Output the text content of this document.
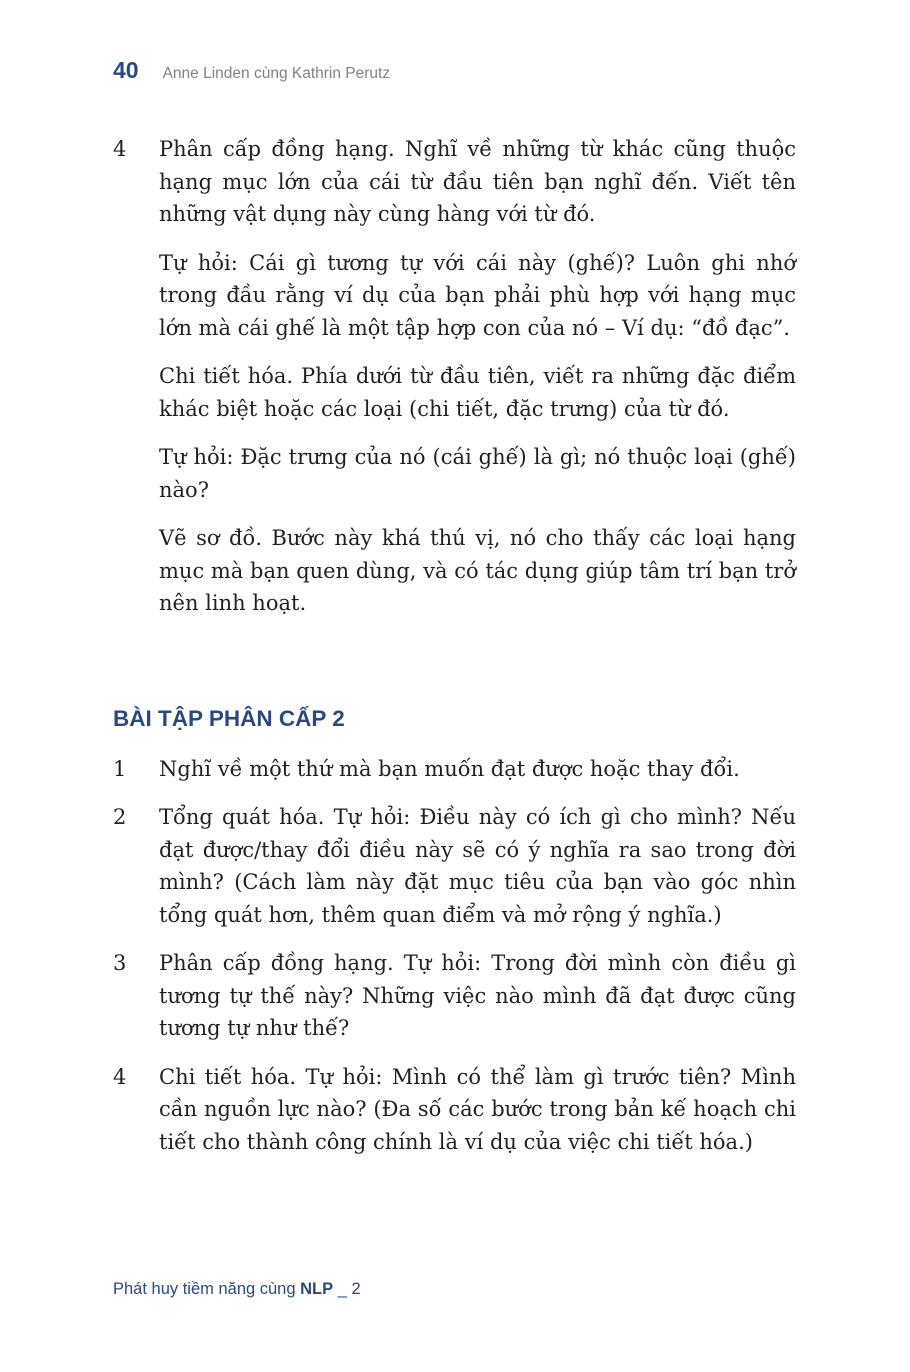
40 Anne Linden cùng Kathrin Perutz
4	Phân cấp đồng hạng. Nghĩ về những từ khác cũng thuộc hạng mục lớn của cái từ đầu tiên bạn nghĩ đến. Viết tên những vật dụng này cùng hàng với từ đó.

Tự hỏi: Cái gì tương tự với cái này (ghế)? Luôn ghi nhớ trong đầu rằng ví dụ của bạn phải phù hợp với hạng mục lớn mà cái ghế là một tập hợp con của nó – Ví dụ: “đồ đạc”.

Chi tiết hóa. Phía dưới từ đầu tiên, viết ra những đặc điểm khác biệt hoặc các loại (chi tiết, đặc trưng) của từ đó.

Tự hỏi: Đặc trưng của nó (cái ghế) là gì; nó thuộc loại (ghế) nào?

Vẽ sơ đồ. Bước này khá thú vị, nó cho thấy các loại hạng mục mà bạn quen dùng, và có tác dụng giúp tâm trí bạn trở nên linh hoạt.

BÀI TẬP PHÂN CẤP 2
1	Nghĩ về một thứ mà bạn muốn đạt được hoặc thay đổi.

2	Tổng quát hóa. Tự hỏi: Điều này có ích gì cho mình? Nếu đạt được/thay đổi điều này sẽ có ý nghĩa ra sao trong đời mình? (Cách làm này đặt mục tiêu của bạn vào góc nhìn tổng quát hơn, thêm quan điểm và mở rộng ý nghĩa.)

3	Phân cấp đồng hạng. Tự hỏi: Trong đời mình còn điều gì tương tự thế này? Những việc nào mình đã đạt được cũng tương tự như thế?

4	Chi tiết hóa. Tự hỏi: Mình có thể làm gì trước tiên? Mình cần nguồn lực nào? (Đa số các bước trong bản kế hoạch chi tiết cho thành công chính là ví dụ của việc chi tiết hóa.)

Phát huy tiềm năng cùng NLP _ 2
